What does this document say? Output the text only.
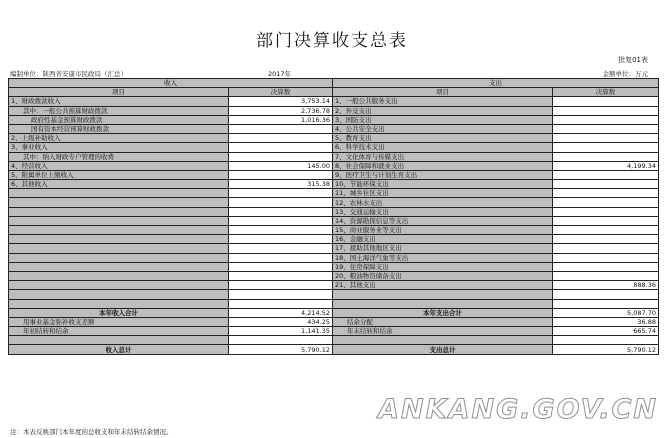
部门决算收支总表
批复01表
编制单位：陕西省安康市民政局（汇总）	2017年	金额单位：万元
收入		支出	
项目	决算数	项目	决算数
1、财政拨款收入	3,753.14	1、一般公共服务支出	
其中：一般公共预算财政拨款	2,736.78	2、外交支出	
政府性基金预算财政拨款	1,016.36	3、国防支出	
国有资本经营预算财政拨款		4、公共安全支出	
2、上级补助收入		5、教育支出	
3、事业收入		6、科学技术支出	
其中：纳入财政专户管理的收费		7、文化体育与传媒支出	
4、经营收入	145.00	8、社会保障和就业支出	4,199.34
5、附属单位上缴收入		9、医疗卫生与计划生育支出	
6、其他收入	315.38	10、节能环保支出	
		11、城乡社区支出	
		12、农林水支出	
		13、交通运输支出	
		14、资源勘探信息等支出	
		15、商业服务业等支出	
		16、金融支出	
		17、援助其他地区支出	
		18、国土海洋气象等支出	
		19、住房保障支出	
		20、粮油物资储备支出	
		21、其他支出	888.36

本年收入合计	4,214.52	本年支出合计	5,087.70
用事业基金弥补收支差额	434.25	结余分配	36.88
年初结转和结余	1,141.35	年末结转和结余	665.74

收入总计	5,790.12	支出总计	5,790.12
ANKANG.GOV.CN
注：本表反映部门本年度的总收支和年末结转结余情况。
